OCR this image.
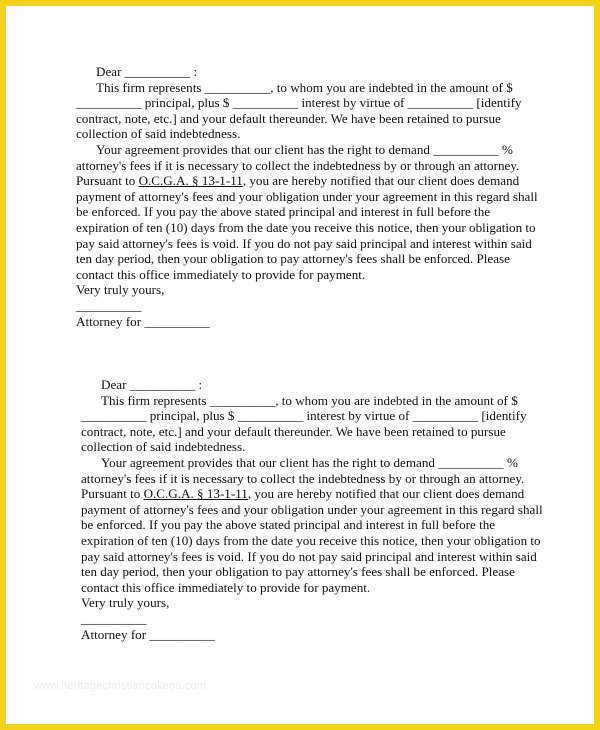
Dear __________ :

This firm represents __________, to whom you are indebted in the amount of $ __________ principal, plus $ __________ interest by virtue of __________ [identify contract, note, etc.] and your default thereunder. We have been retained to pursue collection of said indebtedness.

Your agreement provides that our client has the right to demand __________ % attorney's fees if it is necessary to collect the indebtedness by or through an attorney. Pursuant to O.C.G.A. § 13-1-11, you are hereby notified that our client does demand payment of attorney's fees and your obligation under your agreement in this regard shall be enforced. If you pay the above stated principal and interest in full before the expiration of ten (10) days from the date you receive this notice, then your obligation to pay said attorney's fees is void. If you do not pay said principal and interest within said ten day period, then your obligation to pay attorney's fees shall be enforced. Please contact this office immediately to provide for payment.

Very truly yours,

__________

Attorney for __________

Dear __________ :

This firm represents __________, to whom you are indebted in the amount of $ __________ principal, plus $ __________ interest by virtue of __________ [identify contract, note, etc.] and your default thereunder. We have been retained to pursue collection of said indebtedness.

Your agreement provides that our client has the right to demand __________ % attorney's fees if it is necessary to collect the indebtedness by or through an attorney. Pursuant to O.C.G.A. § 13-1-11, you are hereby notified that our client does demand payment of attorney's fees and your obligation under your agreement in this regard shall be enforced. If you pay the above stated principal and interest in full before the expiration of ten (10) days from the date you receive this notice, then your obligation to pay said attorney's fees is void. If you do not pay said principal and interest within said ten day period, then your obligation to pay attorney's fees shall be enforced. Please contact this office immediately to provide for payment.

Very truly yours,

__________

Attorney for __________

www.heritagechristiancollege.com
